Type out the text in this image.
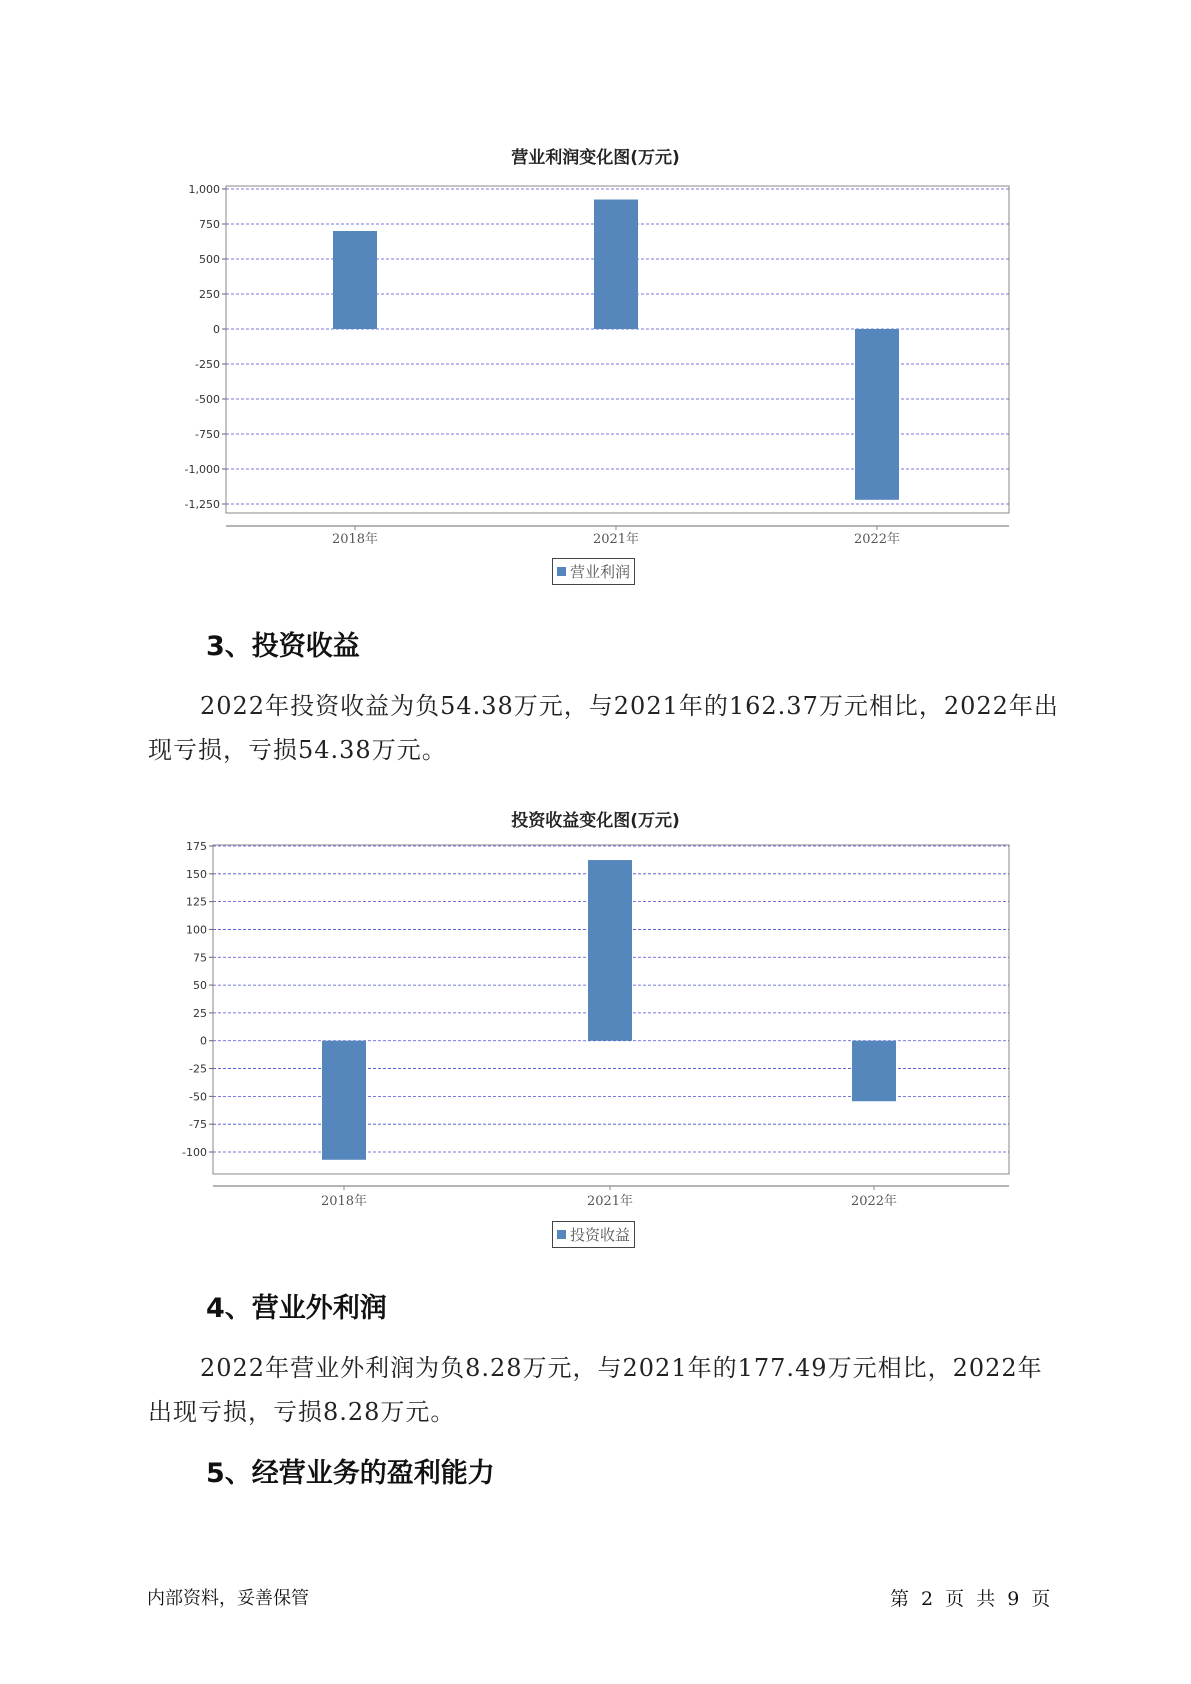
营业利润变化图(万元)
1,000
750
500
250
0
-250
-500
-750
-1,000
-1,250
2018年	2021年	2022年
营业利润
3、投资收益
2022年投资收益为负54.38万元，与2021年的162.37万元相比，2022年出现亏损，亏损54.38万元。
投资收益变化图(万元)
175
150
125
100
75
50
25
0
-25
-50
-75
-100
2018年	2021年	2022年
投资收益
4、营业外利润
2022年营业外利润为负8.28万元，与2021年的177.49万元相比，2022年出现亏损，亏损8.28万元。
5、经营业务的盈利能力
内部资料，妥善保管	第 2 页 共 9 页
